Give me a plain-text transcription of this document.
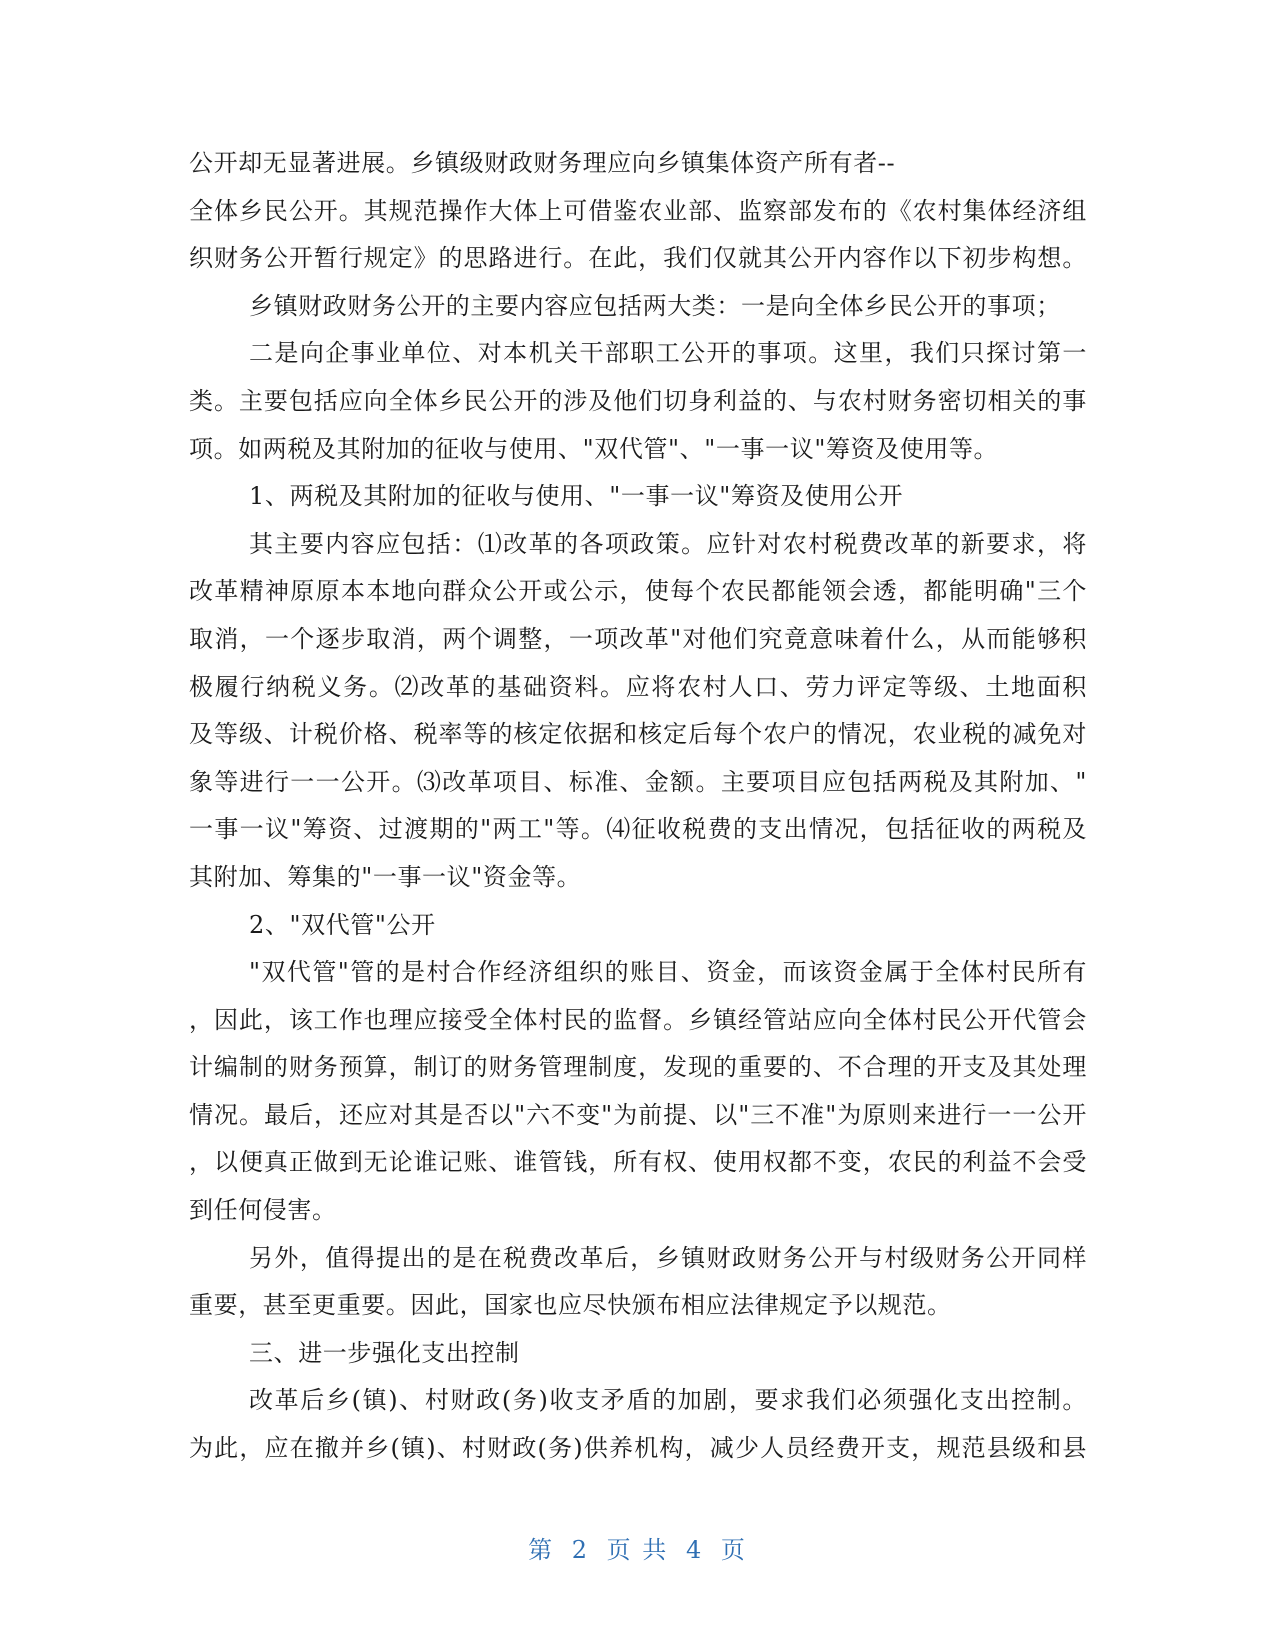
公开却无显著进展。乡镇级财政财务理应向乡镇集体资产所有者--
全体乡民公开。其规范操作大体上可借鉴农业部、监察部发布的《农村集体经济组
织财务公开暂行规定》的思路进行。在此，我们仅就其公开内容作以下初步构想。
乡镇财政财务公开的主要内容应包括两大类：一是向全体乡民公开的事项；
二是向企事业单位、对本机关干部职工公开的事项。这里，我们只探讨第一
类。主要包括应向全体乡民公开的涉及他们切身利益的、与农村财务密切相关的事
项。如两税及其附加的征收与使用、"双代管"、"一事一议"筹资及使用等。
1、两税及其附加的征收与使用、"一事一议"筹资及使用公开
其主要内容应包括：⑴改革的各项政策。应针对农村税费改革的新要求，将
改革精神原原本本地向群众公开或公示，使每个农民都能领会透，都能明确"三个
取消，一个逐步取消，两个调整，一项改革"对他们究竟意味着什么，从而能够积
极履行纳税义务。⑵改革的基础资料。应将农村人口、劳力评定等级、土地面积
及等级、计税价格、税率等的核定依据和核定后每个农户的情况，农业税的减免对
象等进行一一公开。⑶改革项目、标准、金额。主要项目应包括两税及其附加、"
一事一议"筹资、过渡期的"两工"等。⑷征收税费的支出情况，包括征收的两税及
其附加、筹集的"一事一议"资金等。
2、"双代管"公开
"双代管"管的是村合作经济组织的账目、资金，而该资金属于全体村民所有
，因此，该工作也理应接受全体村民的监督。乡镇经管站应向全体村民公开代管会
计编制的财务预算，制订的财务管理制度，发现的重要的、不合理的开支及其处理
情况。最后，还应对其是否以"六不变"为前提、以"三不准"为原则来进行一一公开
，以便真正做到无论谁记账、谁管钱，所有权、使用权都不变，农民的利益不会受
到任何侵害。
另外，值得提出的是在税费改革后，乡镇财政财务公开与村级财务公开同样
重要，甚至更重要。因此，国家也应尽快颁布相应法律规定予以规范。
三、进一步强化支出控制
改革后乡(镇)、村财政(务)收支矛盾的加剧，要求我们必须强化支出控制。
为此，应在撤并乡(镇)、村财政(务)供养机构，减少人员经费开支，规范县级和县
第 2 页 共 4 页
